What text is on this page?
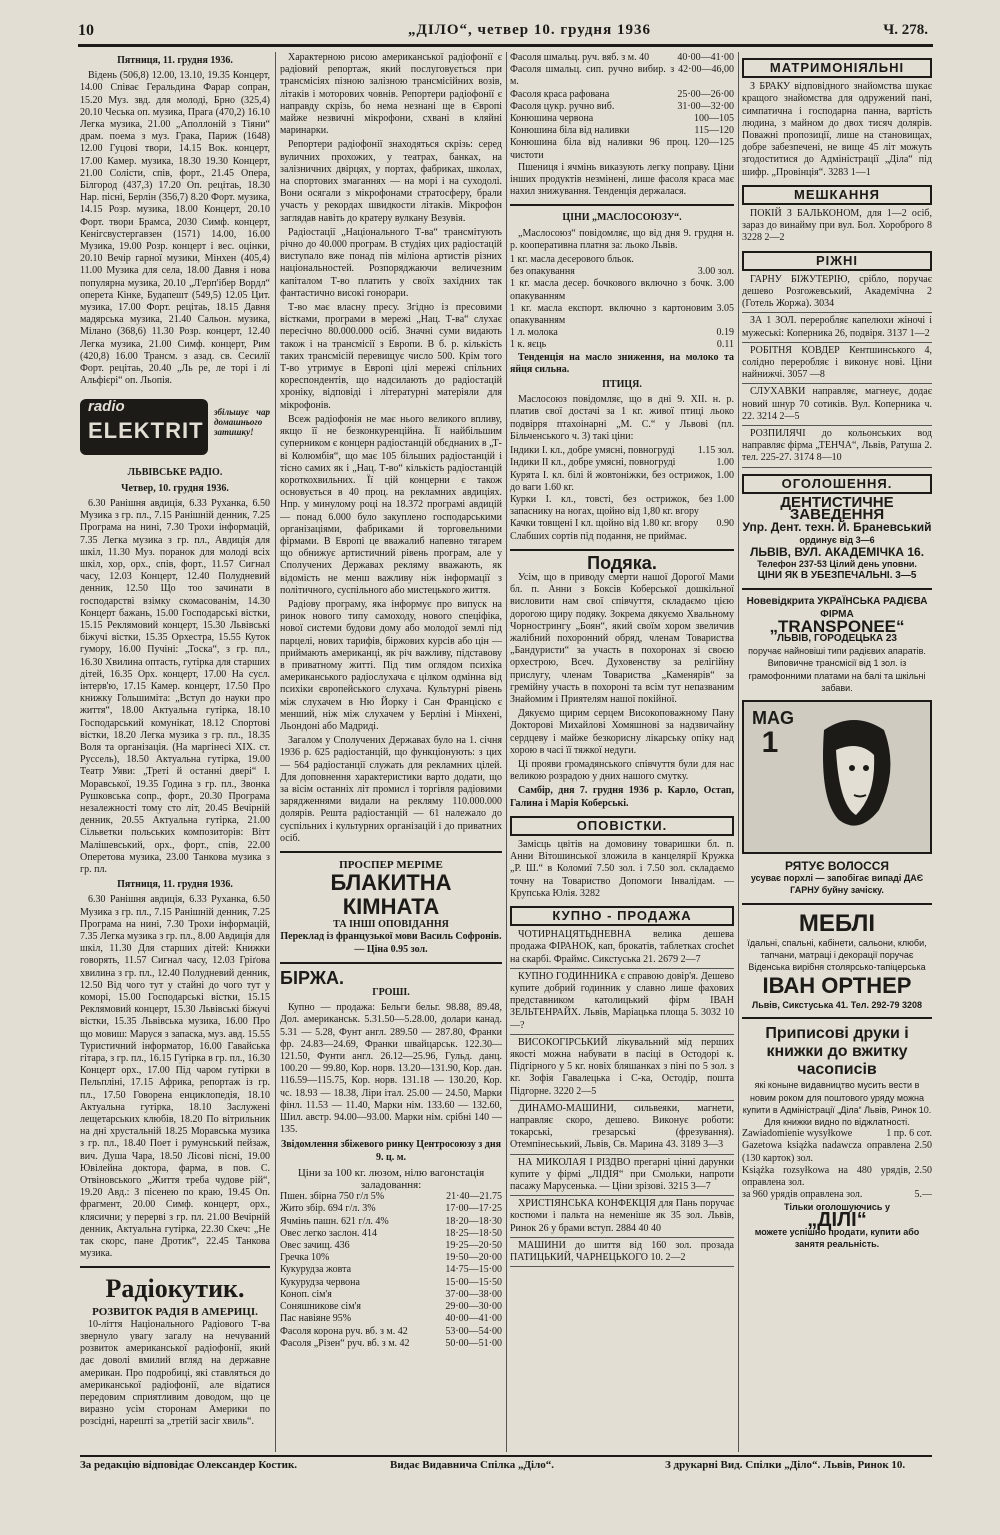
10	„ДІЛО“, четвер 10. грудня 1936	Ч. 278.
Пятниця, 11. грудня 1936.

Відень (506,8) 12.00, 13.10, 19.35 Концерт, 14.00 Співає Геральдина Фарар сопран, 15.20 Муз. звд. для молоді, Брно (325,4) 20.10 Чеська оп. музика, Прага (470,2) 16.10 Легка музика, 21.00 „Аполлоній з Тіяни“ драм. поема з муз. Грака, Париж (1648) 12.00 Гуцові твори, 14.15 Вок. концерт, 17.00 Камер. музика, 18.30 19.30 Концерт, 21.00 Солісти, спів, форт., 21.45 Опера, Білгород (437,3) 17.20 Оп. рецітаь, 18.30 Нар. пісні, Берлін (356,7) 8.20 Форт. музика, 14.15 Розр. музика, 18.00 Концерт, 20.10 Форт. твори Брамса, 2030 Симф. концерт, Кенігсвустергавзен (1571) 14.00, 16.00 Музика, 19.00 Розр. концерт і вес. оцінки, 20.10 Вечір гарної музики, Мінхен (405,4) 11.00 Музика для села, 18.00 Давня і нова популярна музика, 20.10 „Л'ерп'ібер Вордл“ оперета Кінке, Будапешт (549,5) 12.05 Цит. музика, 17.00 Форт. рецітаь, 18.15 Давня мадярська музика, 21.40 Сальон. музика, Мілано (368,6) 11.30 Розр. концерт, 12.40 Легка музика, 21.00 Симф. концерт, Рим (420,8) 16.00 Трансм. з азад. св. Сесилії Форт. рецітаь, 20.40 „Ль ре, ле торі і лі Альфієрі“ оп. Льопія.

radio
ELEKTRIT
збільшує чар домашнього затишку!
ЛЬВІВСЬКЕ РАДІО.
Четвер, 10. грудня 1936.

6.30 Ранішня авдиція, 6.33 Руханка, 6.50 Музика з гр. пл., 7.15 Ранішній денник, 7.25 Програма на нині, 7.30 Трохи інформацій, 7.35 Легка музика з гр. пл., Авдиція для шкіл, 11.30 Муз. поранок для молоді всіх шкіл, хор, орх., спів, форт., 11.57 Сигнал часу, 12.03 Концерт, 12.40 Полудневий денник, 12.50 Що тоо зачинати в господарстві взімку скомасованім, 14.30 Концерт бажань, 15.00 Господарські вістки, 15.15 Реклямовий концерт, 15.30 Львівські біжучі вістки, 15.35 Орхестра, 15.55 Куток гумору, 16.00 Пучіні: „Тоска“, з гр. пл., 16.30 Хвилина оптасть, гутірка для старших дітей, 16.35 Орх. концерт, 17.00 На сусл. інтерв'ю, 17.15 Камер. концерт, 17.50 Про книжку Гольшиміта: „Вступ до науки про життя“, 18.00 Актуальна гутірка, 18.10 Господарський комунікат, 18.12 Спортові вістки, 18.20 Легка музика з гр. пл., 18.35 Воля та організація. (На маргінесі XIX. ст. Руссель), 18.50 Актуальна гутірка, 19.00 Театр Уяви: „Треті й останні двері“ І. Моравської, 19.35 Година з гр. пл., Звонка Рушковська сопр., форт., 20.30 Програма незалежності тому сто літ, 20.45 Вечірній денник, 20.55 Актуальна гутірка, 21.00 Сільветки польських композиторів: Вітт Малішевський, орх., форт., спів, 22.00 Оперетова музика, 23.00 Танкова музика з гр. пл.

Пятниця, 11. грудня 1936.

6.30 Ранішня авдиція, 6.33 Руханка, 6.50 Музика з гр. пл., 7.15 Ранішній денник, 7.25 Програма на нині, 7.30 Трохи інформацій, 7.35 Легка музика з гр. пл., 8.00 Авдиція для шкіл, 11.30 Для старших дітей: Книжки говорять, 11.57 Сигнал часу, 12.03 Гріґова хвилина з гр. пл., 12.40 Полудневий денник, 12.50 Від чого тут у стайні до чого тут у коморі, 15.00 Господарські вістки, 15.15 Реклямовий концерт, 15.30 Львівські біжучі вістки, 15.35 Львівська музика, 16.00 Про що мовиш: Маруся з запаска, муз. авд. 15.55 Туристичний інформатор, 16.00 Гавайська гітара, з гр. пл., 16.15 Гутірка в гр. пл., 16.30 Концерт орх., 17.00 Під чаром гутірки в Пельпліні, 17.15 Африка, репортаж із гр. пл., 17.50 Говорена енциклопедія, 18.10 Актуальна гутірка, 18.10 Заслужені лещетарських клюбів, 18.20 По вітрильник на дні хрустальній 18.25 Моравська музика з гр. пл., 18.40 Поет і румунський пейзаж, вич. Душа Чара, 18.50 Лісові пісні, 19.00 Ювілейна доктора, фарма, в пов. С. Отвіновського „Життя треба чудове рій“, 19.20 Авд.: З пісенею по краю, 19.45 Оп. фрагмент, 20.00 Симф. концерт, орх., клясични; у перерві з гр. пл. 21.00 Вечірній денник, Актуальна гутірка, 22.30 Скеч: „Не так скорс, пане Дротик“, 22.45 Танкова музика.

Радіокутик.
РОЗВИТОК РАДІЯ В АМЕРИЦІ.

10-ліття Національного Радіового Т-ва звернуло увагу загалу на нечуваний розвиток американської радіофонії, який дає доволі вмилий вгляд на державне американ. Про подробиці, які ставляться до американської радіофонії, але відатися передовим сприятливим доводом, що це виразно усім сторонам Америки по розсідні, нарешті за „третій засіг хвиль“.

Характерною рисою американської радіофонії є радіовий репортаж, який послуговується при трансмісіях пізною залізною трансмісійних возів, літаків і моторових човнів. Репортери радіофонії є направду скрізь, бо нема незнані ще в Європі майже незвичні мікрофони, схвані в кляйні маринарки.

Репортери радіофонії знаходяться скрізь: серед вуличних прохожих, у театрах, банках, на залізничних двірцях, у портах, фабриках, школах, на спортових змаганнях — на морі і на суходолі. Вони осягали з мікрофонами стратосферу, брали участь у рекордах швидкости літаків. Мікрофон заглядав навіть до кратеру вулкану Везувія.

Радіостації „Національного Т-ва“ трансмітують річно до 40.000 програм. В студіях цих радіостацій виступало вже понад пів міліона артистів різних національностей. Розпоряджаючи величезним капіталом Т-во платить у своїх західних так фантастично високі гонорари.

Т-во має власну пресу. Згідно із пресовими вістками, програми в мережі „Нац. Т-ва“ слухає пересічно 80.000.000 осіб. Значні суми видають також і на трансмісії з Европи. В б. р. кількість таких трансмісій перевищує число 500. Крім того Т-во утримує в Европі цілі мережі спільних кореспондентів, що надсилають до радіостацій хроніку, відповіді і літературні матеріяли для мікрофонів.

Всеж радіофонія не має нього великого впливу, якщо її не безконкуренційна. Її найбільшим суперником є концерн радіостанцій обєднаних в „Т-ві Колюмбія“, що має 105 більших радіостанцій і тісно самих як і „Нац. Т-во“ кількість радіостанцій короткохвильних. Її цій концерни є також основується в 40 проц. на рекламних авдиціях. Нпр. у минулому році на 18.372 програмі авдицій — понад 6.000 було закуплено господарськими організаціями, фабриками й торговельними фірмами. В Европі це вважалиб напевно тягарем що обнижує артистичний рівень програм, але у Сполучених Державах рекляму вважають, як відомість не менш важливу ніж інформації з політичного, суспільного або мистецького життя.

Радіову програму, яка інформує про випуск на ринок нового типу самоходу, нового спеціфіка, нової системи будови дому або молодої землі під парцелі, нових тарифів, біржових курсів або цін — приймають американці, як річ важливу, підставову в приватному житті. Під тим оглядом психіка американського радіослухача є цілком одмінна від психіки європейського слухача. Культурні рівень між слухачем в Ню Йорку і Сан Франціско є менший, ніж між слухачем у Берліні і Мінхені, Льондоні або Мадриді.

Загалом у Сполучених Державах було на 1. січня 1936 р. 625 радіостанцій, що функціонують: з цих — 564 радіостанції служать для рекламних цілей. Для доповнення характеристики варто додати, що за вісім останніх літ промисл і торгівля радіовими зарядженнями видали на рекляму 110.000.000 долярів. Решта радіостанцій — 61 належало до суспільних і культурних організацій і до приватних осіб.

ПРОСПЕР МЕРІМЕ
БЛАКИТНА КІМНАТА
ТА ІНШІ ОПОВІДАННЯ
Переклад із французької мови Василь Софронів. — Ціна 0.95 зол.
БІРЖА.
ГРОШІ.

Купно — продажа: Бельги бельг. 98.88, 89.48, Дол. американськ. 5.31.50—5.28.00, долари канад. 5.31 — 5.28, Фунт англ. 289.50 — 287.80, Франки фр. 24.83—24.69, Франки швайцарськ. 122.30—121.50, Фунти англ. 26.12—25.96, Гульд. данц. 100.20 — 99.80, Кор. норв. 13.20—131.90, Кор. дан. 116.59—115.75, Кор. норв. 131.18 — 130.20, Кор. чс. 18.93 — 18.38, Ліри італ. 25.00 — 24.50, Марки фінл. 11.53 — 11.40, Марки нім. 133.60 — 132.60, Шил. австр. 94.00—93.00. Марки нім. срібні 140 — 135.

Звідомлення збіжевого ринку Центросоюзу з дня 9. ц. м.
Ціни за 100 кг. люзом, нілю вагонстація заладовання:
Пшен. збірна 750 г/л 5%	21·40—21.75
Жито збір. 694 г/л. 3%	17·00—17·25
Ячмінь пашн. 621 г/л. 4%	18·20—18·30
Овес легко заслон. 414	18·25—18·50
Овес зачищ. 436	19·25—20·50
Гречка 10%	19·50—20·00
Кукурудза жовта	14·75—15·00
Кукурудза червона	15·00—15·50
Коноп. сім'я	37·00—38·00
Соняшникове сім'я	29·00—30·00
Пас навіяне 95%	40·00—41·00
Фасоля корона руч. вб. з м. 42	53·00—54·00
Фасоля „Різен“ руч. вб. з м. 42	50·00—51·00
Фасоля шмальц. руч. вяб. з м. 40	40·00—41·00
Фасоля шмальц. сип. ручно вибир. з м.
42·00—46,00
Фасоля краса рафована	25·00—26·00
Фасоля цукр. ручно виб.	31·00—32·00
Конюшина червона	100—105
Конюшина біла від наливки	115—120
Конюшина біла від наливки 96 проц. чистоти
120—125

Пшениця і ячмінь виказують легку поправу. Ціни інших продуктів незмінені, лише фасоля краса має нахил знижування. Тенденція держалася.

ЦІНИ „МАСЛОСОЮЗУ“.

„Маслосоюз“ повідомляє, що від дня 9. грудня н. р. кооперативна платня за: льоко Львів.

1 кг. масла десерового бльок.
без опакування	3.00 зол.
1 кг. масла десер. бочкового включно з бочк. опакуванням
3.00
1 кг. масла експорт. включно з картоновим опакуванням
3.05
1 л. молока	0.19
1 к. яєць	0.11

Тенденція на масло зниження, на молоко та яйця сильна.

ПТИЦЯ.

Маслосоюз повідомляє, що в дні 9. XII. н. р. платив свої достачі за 1 кг. живої птиці льоко подвірря птахоінарні „М. С.“ у Львові (пл. Більченського ч. 3) такі ціни:

Індики І. кл., добре умясні, повногруді 1.15 зол.
Індики II кл., добре умясні, повногруді	1.00
Курята І. кл. білі й жовтоніжки, без острижок, до ваги 1.60 кг.
1.00
Курки І. кл., товсті, без острижок, без запаснику на ногах, щойно від 1,80 кг. вгору
1.00
Качки товщені І кл. щойно від 1.80 кг. вгору 0.90
Слабших сортів під подання, не приймає.
Подяка.

Усім, що в приводу смерти нашої Дорогої Мами бл. п. Анни з Боксів Коберської дошкільної висловити нам свої співчуття, складаємо цією дорогою щиру подяку. Зокрема дякуємо Хвальному Чорнострингу „Боян“, який своїм хором звеличив жалібний похоронний обряд, членам Товариства „Бандуристи“ за участь в похоронах зі своєю орхестрою, Всеч. Духовенству за релігійну прислугу, членам Товариства „Каменярів“ за гремійну участь в похороні та всім тут непазваним Знайомим і Приятелям нашої покійної.

Дякуємо щирим серцем Високоповажному Пану Докторові Михайлові Хомяшнові за надзвичайну сердцеву і майже безкорисну лікарську опіку над хорою в часі її тяжкої недуги.

Ці прояви громадянського співчуття були для нас великою розрадою у дних нашого смутку.

Самбір, дня 7. грудня 1936 р. Карло, Остап, Галина і Марія Коберські.

ОПОВІСТКИ.

Замісць цвітів на домовину товаришки бл. п. Анни Вітошинської зложила в канцелярії Кружка „Р. Ш.“ в Коломиї 7.50 зол. і 7.50 зол. складаємо точну на Товариство Допомоги Інвалідам. — Крупська Юлія. 3282

КУПНО - ПРОДАЖА

ЧОТИРНАЦЯТЬДНЕВНА велика дешева продажа ФІРАНОК, кап, брокатів, таблетках crochet на скарбі. Фраймс. Сикстуська 21. 2679 2—7

КУПНО ГОДИННИКА є справою довір'я. Дешево купите добрий годинник у славно лише фахових представником католицький фірм ІВАН ЗЕЛЬТЕНРАЙХ. Львів, Маріацька площа 5. 3032 10—?

ВИСОКОГІРСЬКИЙ лікувальний мід перших якості можна набувати в пасіці в Остодорі к. Підгірного у 5 кг. новіх бляшанках з піні по 5 зол. з кг. Зофія Гавалецька і С-ка, Остодір, пошта Підгорне. 3220 2—5

ДИНАМО-МАШИНИ, сильвеяки, магнети, направляє скоро, дешево. Виконує роботи: токарські, грезарські (фрезування). Отемпінесьький, Львів, Св. Марина 43. 3189 3—3

НА МИКОЛАЯ І РІЗДВО прегарні цінні дарунки купите у фірмі „ЛІДІЯ“ при Смольки, напроти пасажу Марусенька. — Ціни зрізові. 3215 3—7

ХРИСТІЯНСЬКА КОНФЕКЦІЯ для Пань поручає костюми і пальта на неменіше як 35 зол. Львів, Ринок 26 у брами вступ. 2884 40 40

МАШИНИ до шиття від 160 зол. прозада ПАТИЦЬКИЙ, ЧАРНЕЦЬКОГО 10. 2—2

МАТРИМОНІЯЛЬНІ

З БРАКУ відповідного знайомства шукає кращого знайомства для одружений пані, симпатична і господарна панна, вартість людина, з майном до двох тисяч долярів. Поважні пропозиції, лише на становищах, добре забезпечені, не вище 45 літ можуть згодоститися до Адміністрації „Діла“ під шифр. „Провінція“. 3283 1—1

МЕШКАННЯ

ПОКІЙ З БАЛЬКОНОМ, для 1—2 осіб, зараз до винайму при вул. Бол. Хороброго 8 3228 2—2

РІЖНІ

ГАРНУ БІЖУТЕРІЮ, срібло, поручає дешево Розгожевський, Академічна 2 (Готель Жоржа). 3034

ЗА 1 ЗОЛ. переробляє капелюхи жіночі і мужеські: Коперника 26, подвіря. 3137 1—2

РОБІТНЯ КОВДЕР Кентшинського 4, солідно переробляє і виконує нові. Ціни найнижчі. 3057 —8

СЛУХАВКИ направляє, магнеує, додає новий шнур 70 сотиків. Вул. Коперника ч. 22. 3214 2—5

РОЗПИЛЯЧІ до кольонських вод направляє фірма „ТЕНЧА“, Львів, Ратуша 2. тел. 225-27. 3174 8—10

ОГОЛОШЕННЯ.
ДЕНТИСТИЧНЕ ЗАВЕДЕННЯ
Упр. Дент. техн. Й. Браневський
ординує від 3—6
ЛЬВІВ, ВУЛ. АКАДЕМІЧКА 16.
Телефон 237-53 Цілий день уповни.
ЦІНИ ЯК В УБЕЗПЕЧАЛЬНІ. 3—5
Новевідкрита УКРАЇНСЬКА РАДІЄВА ФІРМА
„TRANSPONEE“
ЛЬВІВ, ГОРОДЕЦЬКА 23
поручає найновіші типи радієвих апаратів. Виповичне трансмісії від 1 зол. із грамофонними платами на балі та шкільні забави.
MAG
1
РЯТУЄ ВОЛОССЯ
усуває порхлі — запобігає випаді ДАЄ ГАРНУ буйну зачіску.
МЕБЛІ
їдальні, спальні, кабінети, сальони, клюби, тапчани, матраці і декорації поручає Віденська вирібня столярсько-тапіцерська
ІВАН ОРТНЕР
Львів, Сикстуська 41. Тел. 292-79 3208
Приписові друки і книжки до вжитку часописів
які коныне видавництво мусить вести в новим роком для поштового уряду можна купити в Адміністрації „Діла“ Львів, Ринок 10. Для книжки видно по віджлатності.
Zawiadomienie wysyłkowe	1 пр. 6 сот.
Gazetowa książka nadawcza оправлена (130 карток) зол.
2.50
Książka rozsyłkowa на 480 урядів, оправлена зол.
2.50
за 960 урядів оправлена зол.	5.—
Тільки оголошуючись у
„ДІЛІ“
можете успішно продати, купити або занятя реальність.
За редакцію відповідає Олександер Костик.	Видає Видавнича Спілка „Діло“.	З друкарні Вид. Спілки „Діло“. Львів, Ринок 10.
